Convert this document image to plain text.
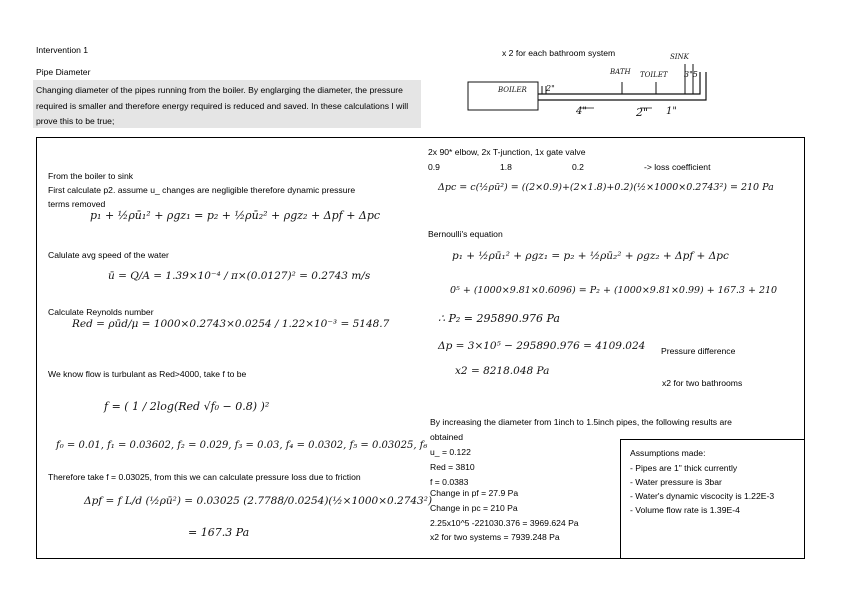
Intervention 1
Pipe Diameter
Changing diameter of the pipes running from the boiler. By englarging the diameter, the pressure required is smaller and therefore energy required is reduced and saved. In these calculations I will prove this to be true;
x 2 for each bathroom system
BOILER
BATH TOILET
SINK
2"
3"5
4"	2" 1"
From the boiler to sink
First calculate p2. assume u_ changes are negligible therefore dynamic pressure
terms removed
p₁ + ½ρū₁² + ρgz₁ = p₂ + ½ρū₂² + ρgz₂ + Δpf + Δpc
Calulate avg speed of the water
ū = Q/A = 1.39×10⁻⁴ / π×(0.0127)² = 0.2743 m/s
Calculate Reynolds number
Red = ρūd/μ = 1000×0.2743×0.0254 / 1.22×10⁻³ = 5148.7
We know flow is turbulant as Red>4000, take f to be
f = ( 1 / 2log(Red √f₀ − 0.8) )²
f₀ = 0.01, f₁ = 0.03602, f₂ = 0.029, f₃ = 0.03, f₄ = 0.0302, f₅ = 0.03025, f₆
Therefore take f = 0.03025, from this we can calculate pressure loss due to friction
Δpf = f L/d (½ρū²) = 0.03025 (2.7788/0.0254)(½×1000×0.2743²)
= 167.3 Pa
2x 90* elbow, 2x T-junction, 1x gate valve
0.9	1.8	0.2	-> loss coefficient
Δpc = c(½ρū²) = ((2×0.9)+(2×1.8)+0.2)(½×1000×0.2743²) = 210 Pa
Bernoulli's equation
p₁ + ½ρū₁² + ρgz₁ = p₂ + ½ρū₂² + ρgz₂ + Δpf + Δpc
0⁵ + (1000×9.81×0.6096) = P₂ + (1000×9.81×0.99) + 167.3 + 210
∴ P₂ = 295890.976 Pa
Δp = 3×10⁵ − 295890.976 = 4109.024 Pressure difference
x2 = 8218.048 Pa
x2 for two bathrooms
By increasing the diameter from 1inch to 1.5inch pipes, the following results are
obtained
u_ = 0.122
Red = 3810
f = 0.0383
Change in pf = 27.9 Pa
Change in pc = 210 Pa
2.25x10^5 -221030.376 = 3969.624 Pa
x2 for two systems = 7939.248 Pa
Assumptions made:
- Pipes are 1" thick currently
- Water pressure is 3bar
- Water's dynamic viscocity is 1.22E-3
- Volume flow rate is 1.39E-4
